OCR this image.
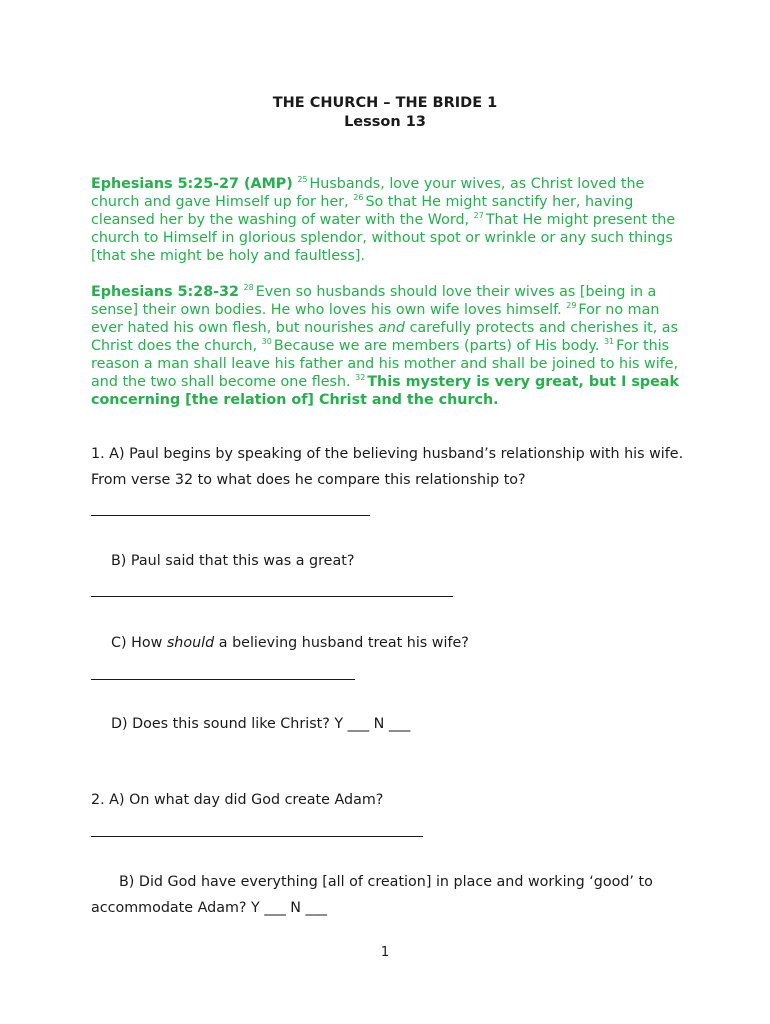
THE CHURCH – THE BRIDE 1
Lesson 13
Ephesians 5:25-27 (AMP) $^{25}$ Husbands, love your wives, as Christ loved the church and gave Himself up for her, $^{26}$ So that He might sanctify her, having cleansed her by the washing of water with the Word, $^{27}$ That He might present the church to Himself in glorious splendor, without spot or wrinkle or any such things [that she might be holy and faultless].
Ephesians 5:28-32 $^{28}$ Even so husbands should love their wives as [being in a sense] their own bodies. He who loves his own wife loves himself. $^{29}$ For no man ever hated his own flesh, but nourishes and carefully protects and cherishes it, as Christ does the church, $^{30}$ Because we are members (parts) of His body. $^{31}$ For this reason a man shall leave his father and his mother and shall be joined to his wife, and the two shall become one flesh. $^{32}$ This mystery is very great, but I speak concerning [the relation of] Christ and the church.
1. A) Paul begins by speaking of the believing husband’s relationship with his wife. From verse 32 to what does he compare this relationship to?
B) Paul said that this was a great?
C) How should a believing husband treat his wife?
D) Does this sound like Christ? Y ___ N ___
2. A) On what day did God create Adam?
B) Did God have everything [all of creation] in place and working ‘good’ to accommodate Adam? Y ___ N ___
1
